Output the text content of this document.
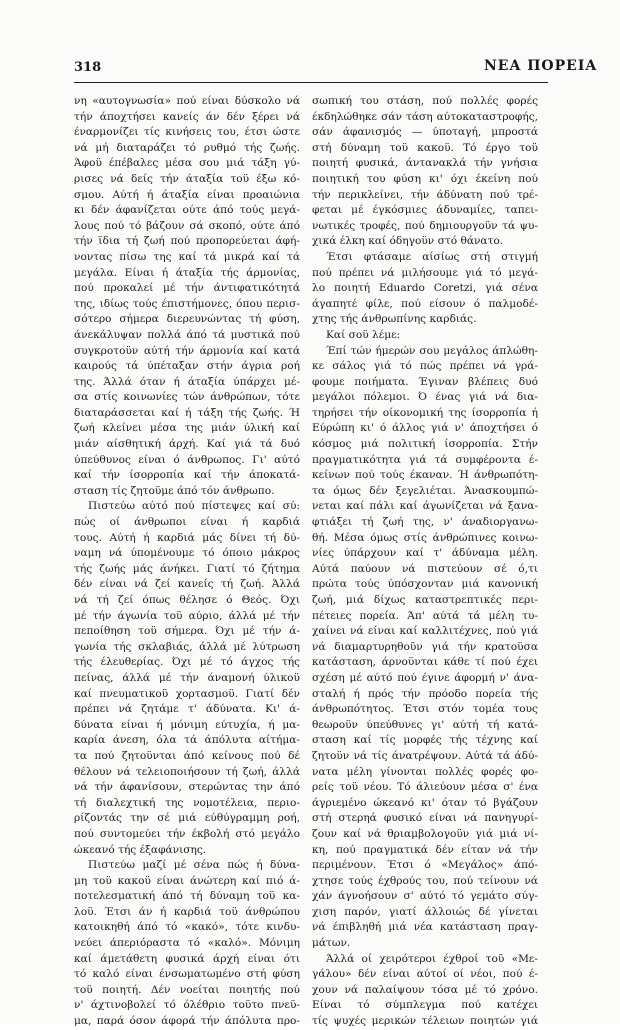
318	ΝΕΑ ΠΟΡΕΙΑ
νη «αυτογνωσία» πού είναι δύσκολο νά
τήν άποχτήσει κανείς άν δέν ξέρει νά
έναρμονίζει τίς κινήσεις του, έτσι ώστε
νά μή διαταράζει τό ρυθμό τής ζωής.
Άφοϋ έπέβαλες μέσα σου μιά τάξη γύ-
ρισες νά δείς τήν άταξία τοϋ έξω κό-
σμου. Αύτή ή άταξία είναι προαιώνια
κι δέν άφανίζεται ούτε άπό τούς μεγά-
λους πού τό βάζουν σά σκοπό, ούτε άπό
τήν ϊδια τή ζωή πού προπορεύεται άφή-
νοντας πίσω της καί τά μικρά καί τά
μεγάλα. Είναι ή άταξία τής άρμονίας,
πού προκαλεί μέ τήν άντιφατικότητά
της, ιδίως τούς έπιστήμονες, όπου περισ-
σότερο σήμερα διερευνώντας τή φύση,
άνεκάλυψαν πολλά άπό τά μυστικά πού
συγκροτοϋν αύτή τήν άρμονία καί κατά
καιρούς τά ύπέταξαν στήν άγρια ροή
της. Άλλά όταν ή άταξία ύπάρχει μέ-
σα στίς κοινωνίες τών άνθρώπων, τότε
διαταράσσεται καί ή τάξη τής ζωής. Ή
ζωή κλείνει μέσα της μιάν ύλική καί
μιάν αίσθητική άρχή. Καί γιά τά δυό
ύπεύθυνος είναι ό άνθρωπος. Γι' αύτό
καί τήν ίσορροπία καί τήν άποκατά-
σταση τίς ζητοϋμε άπό τόν άνθρωπο.
Πιστεύω αύτό πού πίστεψες καί σύ:
πώς οί άνθρωποι είναι ή καρδιά
τους. Αύτή ή καρδιά μάς δίνει τή δύ-
ναμη νά ύπομένουμε τό όποιο μάκρος
τής ζωής μάς άνήκει. Γιατί τό ζήτημα
δέν είναι νά ζεί κανείς τή ζωή. Άλλά
νά τή ζεί όπως θέλησε ό Θεός. Όχι
μέ τήν άγωνία τοϋ αύριο, άλλά μέ τήν
πεποίθηση τοϋ σήμερα. Όχι μέ τήν ά-
γωνία τής σκλαβιάς, άλλά μέ λύτρωση
τής έλευθερίας. Όχι μέ τό άγχος τής
πείνας, άλλά μέ τήν άναμονή ύλικοϋ
καί πνευματικοϋ χορτασμοϋ. Γιατί δέν
πρέπει νά ζητάμε τ' άδύνατα. Κι' ά-
δύνατα είναι ή μόνιμη εύτυχία, ή μα-
καρία άνεση, όλα τά άπόλυτα αίτήμα-
τα πού ζητοϋνται άπό κείνους πού δέ
θέλουν νά τελειοποιήσουν τή ζωή, άλλά
νά τήν άφανίσουν, στερώντας την άπό
τή διαλεχτική της νομοτέλεια, περιο-
ρίζοντάς την σέ μιά εύθύγραμμη ροή,
πού συντομεύει τήν έκβολή στό μεγάλο
ώκεανό τής έξαφάνισης.
Πιστεύω μαζί μέ σένα πώς ή δύνα-
μη τοϋ κακοϋ είναι άνώτερη καί πιό ά-
ποτελεσματική άπό τή δύναμη τοϋ κα-
λοϋ. Έτσι άν ή καρδιά τοϋ άνθρώπου
κατοικηθή άπό τό «κακό», τότε κινδυ-
νεύει άπεριόραστα τό «καλό». Μόνιμη
καί άμετάθετη φυσικά άρχή είναι ότι
τό καλό είναι ένσωματωμένο στή φύση
τοϋ ποιητή. Δέν νοείται ποιητής πού
ν' άχτινοβολεί τό όλέθριο τοϋτο πνεϋ-
μα, παρά όσον άφορά τήν άπόλυτα προ-
σωπική του στάση, πού πολλές φορές
έκδηλώθηκε σάν τάση αύτοκαταστροφής,
σάν άφανισμός — ύποταγή, μπροστά
στή δύναμη τοϋ κακοϋ. Τό έργο τοϋ
ποιητή φυσικά, άντανακλά τήν γνήσια
ποιητική του φύση κι' όχι έκείνη πού
τήν περικλείνει, τήν άδύνατη πού τρέ-
φεται μέ έγκόσμιες άδυναμίες, ταπει-
νωτικές τροφές, πού δημιουργοϋν τά ψυ-
χικά έλκη καί όδηγοϋν στό θάνατο.
Έτσι φτάσαμε αίσίως στή στιγμή
πού πρέπει νά μιλήσουμε γιά τό μεγά-
λο ποιητή Eduardo Coretzi, γιά σένα
άγαπητέ φίλε, πού είσουν ό παλμοδέ-
χτης τής άνθρωπίνης καρδιάς.
Καί σοϋ λέμε:
Έπί τών ήμερών σου μεγάλος άπλώθη-
κε σάλος γιά τό πώς πρέπει νά γρά-
φουμε ποιήματα. Έγιναν βλέπεις δυό
μεγάλοι πόλεμοι. Ό ένας γιά νά δια-
τηρήσει τήν οίκονομική της ίσορροπία ή
Εύρώπη κι' ό άλλος γιά ν' άποχτήσει ό
κόσμος μιά πολιτική ίσορροπία. Στήν
πραγματικότητα γιά τά συμφέροντα έ-
κείνων πού τούς έκαναν. Ή άνθρωπότη-
τα όμως δέν ξεγελιέται. Άνασκουμπώ-
νεται καί πάλι καί άγωνίζεται νά ξανα-
φτιάξει τή ζωή της, ν' άναδιοργανω-
θή. Μέσα όμως στίς άνθρώπινες κοινω-
νίες ύπάρχουν καί τ' άδύναμα μέλη.
Αύτά παύουν νά πιστεύουν σέ ό,τι
πρώτα τούς ύπόσχονταν μιά κανονική
ζωή, μιά δίχως καταστρεπτικές περι-
πέτειες πορεία. Άπ' αύτά τά μέλη τυ-
χαίνει νά είναι καί καλλιτέχνες, πού γιά
νά διαμαρτυρηθοϋν γιά τήν κρατοϋσα
κατάσταση, άρνοϋνται κάθε τί πού έχει
σχέση μέ αύτό πού έγινε άφορμή ν' άνα-
σταλή ή πρός τήν πρόοδο πορεία τής
άνθρωπότητος. Έτσι στόν τομέα τους
θεωροϋν ύπεύθυνες γι' αύτή τή κατά-
σταση καί τίς μορφές τής τέχνης καί
ζητοϋν νά τίς άνατρέψουν. Αύτά τά άδύ-
νατα μέλη γίνονται πολλές φορές φο-
ρείς τοϋ νέου. Τό άλιεύουν μέσα σ' ένα
άγριεμένο ώκεανό κι' όταν τό βγάζουν
στή στερηά φυσικό είναι νά πανηγυρί-
ζουν καί νά θριαμβολογοϋν γιά μιά νί-
κη, πού πραγματικά δέν είταν νά τήν
περιμένουν. Έτσι ό «Μεγάλος» άπό-
χτησε τούς έχθρούς του, πού τείνουν νά
χάν άγνοήσουν σ' αύτό τό γεμάτο σύγ-
χιση παρόν, γιατί άλλοιώς δέ γίνεται
νά έπιβληθή μιά νέα κατάσταση πραγ-
μάτων.
Άλλά οί χειρότεροι έχθροί τοϋ «Με-
γάλου» δέν είναι αύτοί οί νέοι, πού έ-
χουν νά παλαίψουν τόσα μέ τό χρόνο.
Είναι τό σύμπλεγμα πού κατέχει
τίς ψυχές μερικών τέλειων ποιητών γιά
